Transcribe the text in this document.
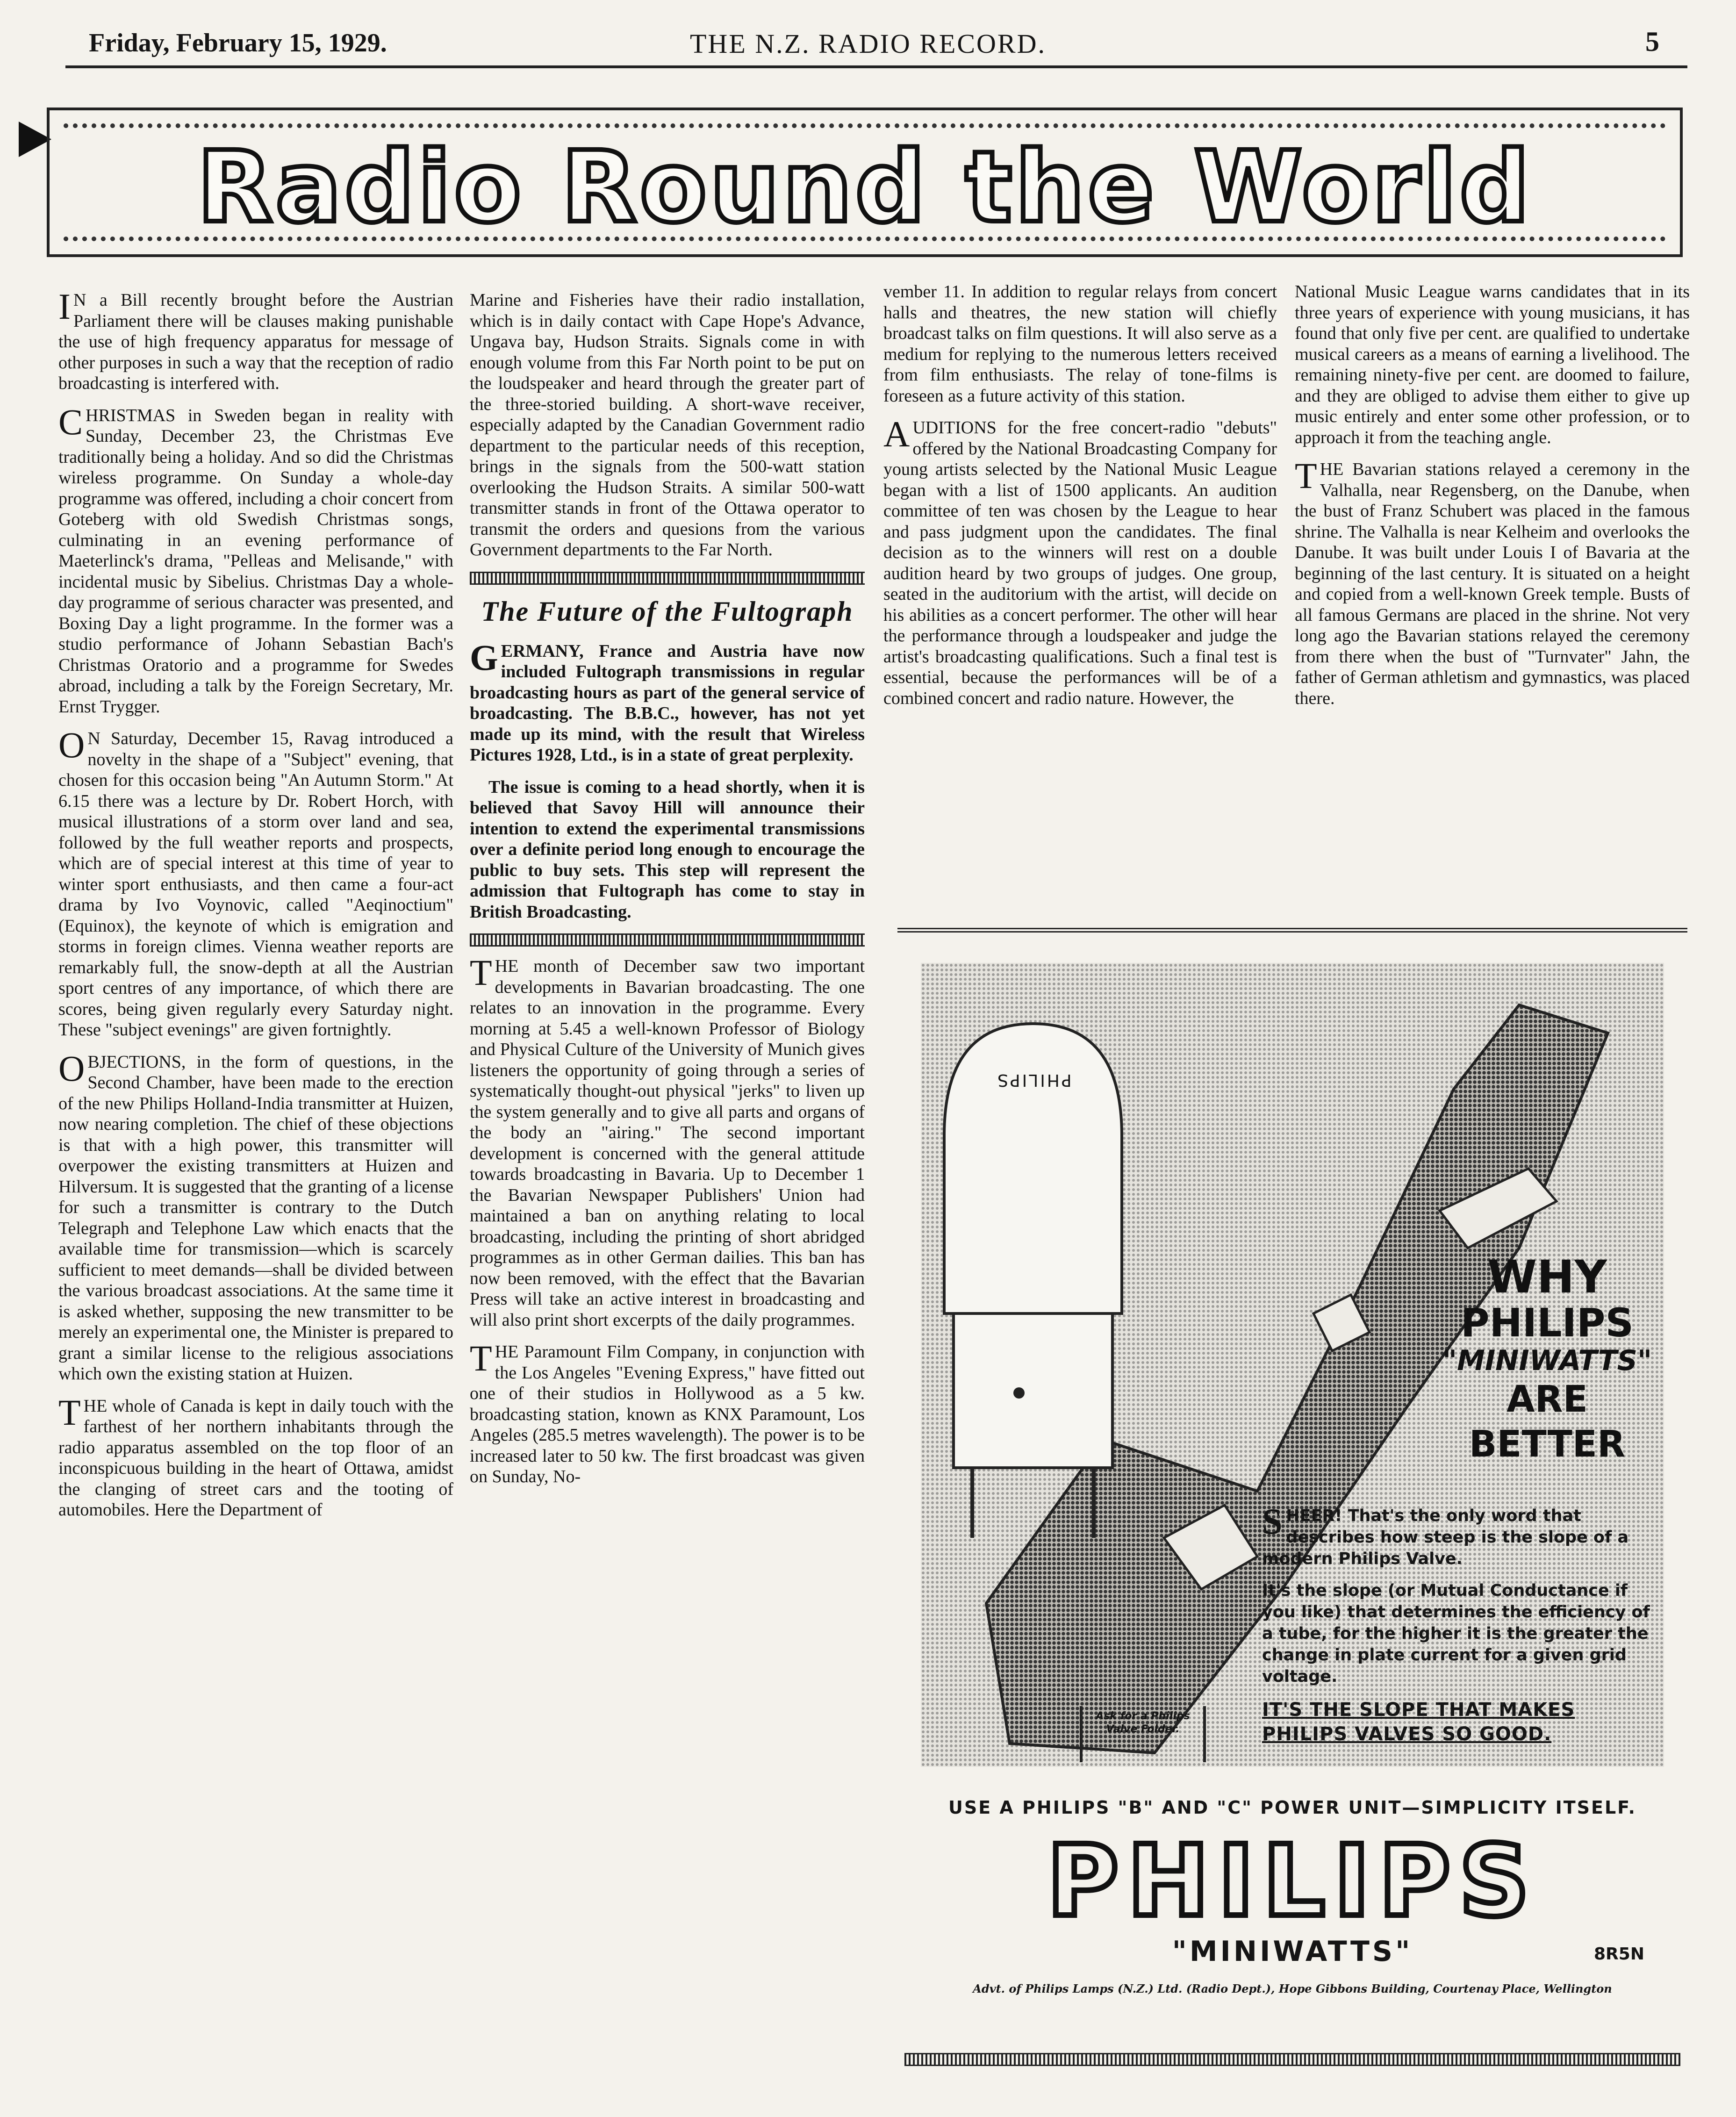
Friday, February 15, 1929.	THE N.Z. RADIO RECORD.	5
Radio Round the World

I N a Bill recently brought before the Austrian Parliament there will be clauses making punishable the use of high frequency apparatus for message of other purposes in such a way that the reception of radio broadcasting is interfered with.

CHRISTMAS in Sweden began in reality with Sunday, December 23, the Christmas Eve traditionally being a holiday. And so did the Christmas wireless programme. On Sunday a whole-day programme was offered, including a choir concert from Goteberg with old Swedish Christmas songs, culminating in an evening performance of Maeterlinck's drama, "Pelleas and Melisande," with incidental music by Sibelius. Christmas Day a whole-day programme of serious character was presented, and Boxing Day a light programme. In the former was a studio performance of Johann Sebastian Bach's Christmas Oratorio and a programme for Swedes abroad, including a talk by the Foreign Secretary, Mr. Ernst Trygger.

O N Saturday, December 15, Ravag introduced a novelty in the shape of a "Subject" evening, that chosen for this occasion being "An Autumn Storm." At 6.15 there was a lecture by Dr. Robert Horch, with musical illustrations of a storm over land and sea, followed by the full weather reports and prospects, which are of special interest at this time of year to winter sport enthusiasts, and then came a four-act drama by Ivo Voynovic, called "Aeqinoctium" (Equinox), the keynote of which is emigration and storms in foreign climes. Vienna weather reports are remarkably full, the snow-depth at all the Austrian sport centres of any importance, of which there are scores, being given regularly every Saturday night. These "subject evenings" are given fortnightly.

OBJECTIONS, in the form of questions, in the Second Chamber, have been made to the erection of the new Philips Holland-India transmitter at Huizen, now nearing completion. The chief of these objections is that with a high power, this transmitter will overpower the existing transmitters at Huizen and Hilversum. It is suggested that the granting of a license for such a transmitter is contrary to the Dutch Telegraph and Telephone Law which enacts that the available time for transmission—which is scarcely sufficient to meet demands—shall be divided between the various broadcast associations. At the same time it is asked whether, supposing the new transmitter to be merely an experimental one, the Minister is prepared to grant a similar license to the religious associations which own the existing station at Huizen.

THE whole of Canada is kept in daily touch with the farthest of her northern inhabitants through the radio apparatus assembled on the top floor of an inconspicuous building in the heart of Ottawa, amidst the clanging of street cars and the tooting of automobiles. Here the Department of

Marine and Fisheries have their radio installation, which is in daily contact with Cape Hope's Advance, Ungava bay, Hudson Straits. Signals come in with enough volume from this Far North point to be put on the loudspeaker and heard through the greater part of the three-storied building. A short-wave receiver, especially adapted by the Canadian Government radio department to the particular needs of this reception, brings in the signals from the 500-watt station overlooking the Hudson Straits. A similar 500-watt transmitter stands in front of the Ottawa operator to transmit the orders and quesions from the various Government departments to the Far North.

The Future of the Fultograph

GERMANY, France and Austria have now included Fultograph transmissions in regular broadcasting hours as part of the general service of broadcasting. The B.B.C., however, has not yet made up its mind, with the result that Wireless Pictures 1928, Ltd., is in a state of great perplexity.

The issue is coming to a head shortly, when it is believed that Savoy Hill will announce their intention to extend the experimental transmissions over a definite period long enough to encourage the public to buy sets. This step will represent the admission that Fultograph has come to stay in British Broadcasting.

THE month of December saw two important developments in Bavarian broadcasting. The one relates to an innovation in the programme. Every morning at 5.45 a well-known Professor of Biology and Physical Culture of the University of Munich gives listeners the opportunity of going through a series of systematically thought-out physical "jerks" to liven up the system generally and to give all parts and organs of the body an "airing." The second important development is concerned with the general attitude towards broadcasting in Bavaria. Up to December 1 the Bavarian Newspaper Publishers' Union had maintained a ban on anything relating to local broadcasting, including the printing of short abridged programmes as in other German dailies. This ban has now been removed, with the effect that the Bavarian Press will take an active interest in broadcasting and will also print short excerpts of the daily programmes.

THE Paramount Film Company, in conjunction with the Los Angeles "Evening Express," have fitted out one of their studios in Hollywood as a 5 kw. broadcasting station, known as KNX Paramount, Los Angeles (285.5 metres wavelength). The power is to be increased later to 50 kw. The first broadcast was given on Sunday, No-

vember 11. In addition to regular relays from concert halls and theatres, the new station will chiefly broadcast talks on film questions. It will also serve as a medium for replying to the numerous letters received from film enthusiasts. The relay of tone-films is foreseen as a future activity of this station.

AUDITIONS for the free concert-radio "debuts" offered by the National Broadcasting Company for young artists selected by the National Music League began with a list of 1500 applicants. An audition committee of ten was chosen by the League to hear and pass judgment upon the candidates. The final decision as to the winners will rest on a double audition heard by two groups of judges. One group, seated in the auditorium with the artist, will decide on his abilities as a concert performer. The other will hear the performance through a loudspeaker and judge the artist's broadcasting qualifications. Such a final test is essential, because the performances will be of a combined concert and radio nature. However, the

National Music League warns candidates that in its three years of experience with young musicians, it has found that only five per cent. are qualified to undertake musical careers as a means of earning a livelihood. The remaining ninety-five per cent. are doomed to failure, and they are obliged to advise them either to give up music entirely and enter some other profession, or to approach it from the teaching angle.

THE Bavarian stations relayed a ceremony in the Valhalla, near Regensberg, on the Danube, when the bust of Franz Schubert was placed in the famous shrine. The Valhalla is near Kelheim and overlooks the Danube. It was built under Louis I of Bavaria at the beginning of the last century. It is situated on a height and copied from a well-known Greek temple. Busts of all famous Germans are placed in the shrine. Not very long ago the Bavarian stations relayed the ceremony from there when the bust of "Turnvater" Jahn, the father of German athletism and gymnastics, was placed there.

PHILIPS
WHY
PHILIPS
"MINIWATTS"
ARE BETTER

SHEER! That's the only word that describes how steep is the slope of a modern Philips Valve.

It's the slope (or Mutual Conductance if you like) that determines the efficiency of a tube, for the higher it is the greater the change in plate current for a given grid voltage.

IT'S THE SLOPE THAT MAKES PHILIPS VALVES SO GOOD.
Ask for a Philips Valve Folder.
USE A PHILIPS "B" AND "C" POWER UNIT—SIMPLICITY ITSELF.
PHILIPS
"MINIWATTS"	8R5N
Advt. of Philips Lamps (N.Z.) Ltd. (Radio Dept.), Hope Gibbons Building, Courtenay Place, Wellington
